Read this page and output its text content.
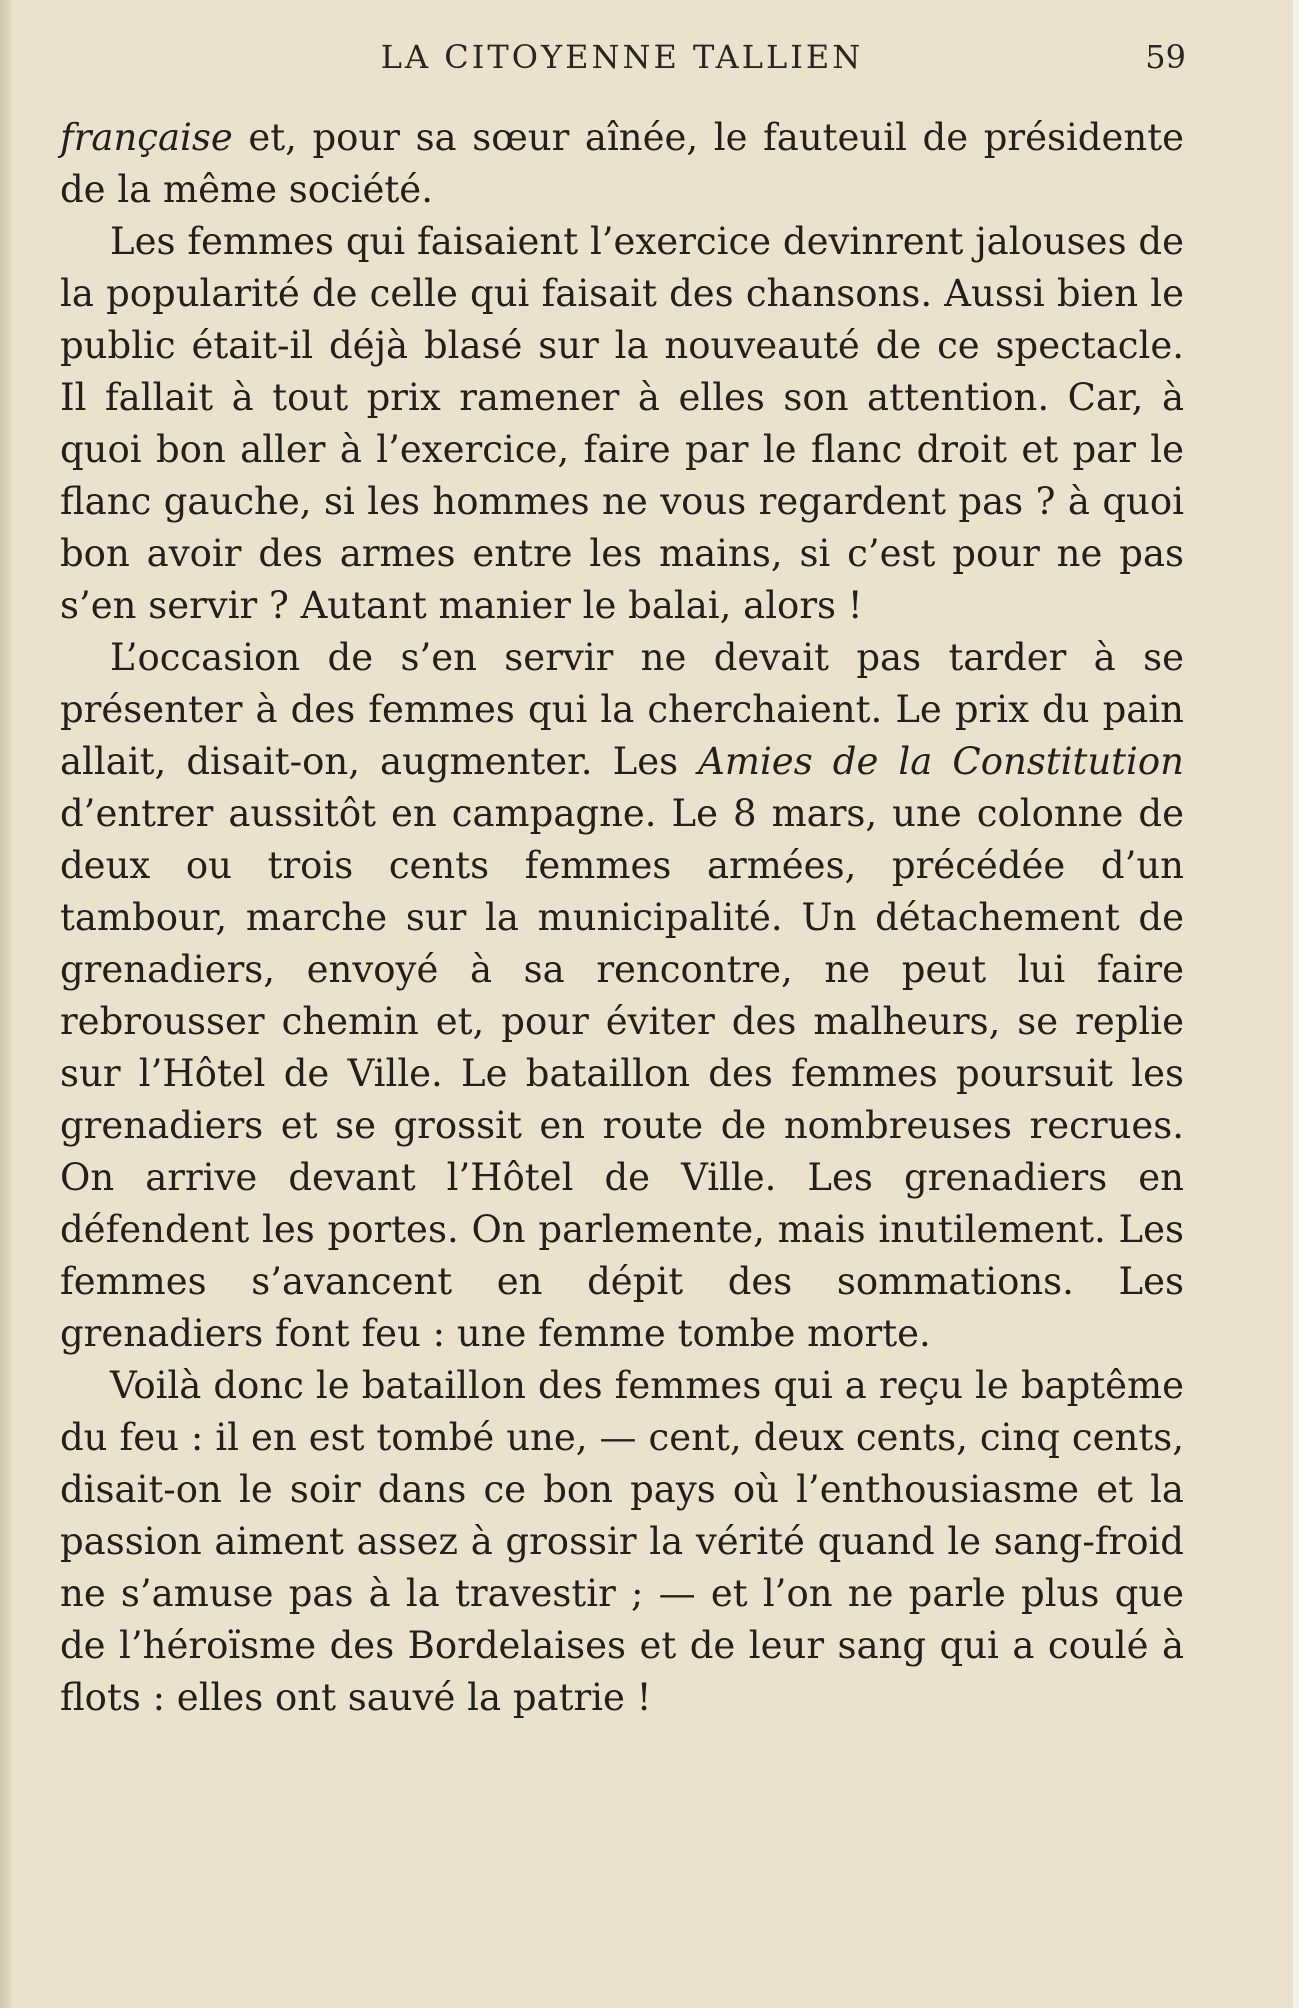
LA CITOYENNE TALLIEN	59

française et, pour sa sœur aînée, le fauteuil de présidente de la même société.

Les femmes qui faisaient l’exercice devinrent jalouses de la popularité de celle qui faisait des chansons. Aussi bien le public était-il déjà blasé sur la nouveauté de ce spectacle. Il fallait à tout prix ramener à elles son attention. Car, à quoi bon aller à l’exercice, faire par le flanc droit et par le flanc gauche, si les hommes ne vous regardent pas ? à quoi bon avoir des armes entre les mains, si c’est pour ne pas s’en servir ? Autant manier le balai, alors !

L’occasion de s’en servir ne devait pas tarder à se présenter à des femmes qui la cherchaient. Le prix du pain allait, disait-on, augmenter. Les Amies de la Constitution d’entrer aussitôt en campagne. Le 8 mars, une colonne de deux ou trois cents femmes armées, précédée d’un tambour, marche sur la municipalité. Un détachement de grenadiers, envoyé à sa rencontre, ne peut lui faire rebrousser chemin et, pour éviter des malheurs, se replie sur l’Hôtel de Ville. Le bataillon des femmes poursuit les grenadiers et se grossit en route de nombreuses recrues. On arrive devant l’Hôtel de Ville. Les grenadiers en défendent les portes. On parlemente, mais inutilement. Les femmes s’avancent en dépit des sommations. Les grenadiers font feu : une femme tombe morte.

Voilà donc le bataillon des femmes qui a reçu le baptême du feu : il en est tombé une, — cent, deux cents, cinq cents, disait-on le soir dans ce bon pays où l’enthousiasme et la passion aiment assez à grossir la vérité quand le sang-froid ne s’amuse pas à la travestir ; — et l’on ne parle plus que de l’héroïsme des Bordelaises et de leur sang qui a coulé à flots : elles ont sauvé la patrie !
